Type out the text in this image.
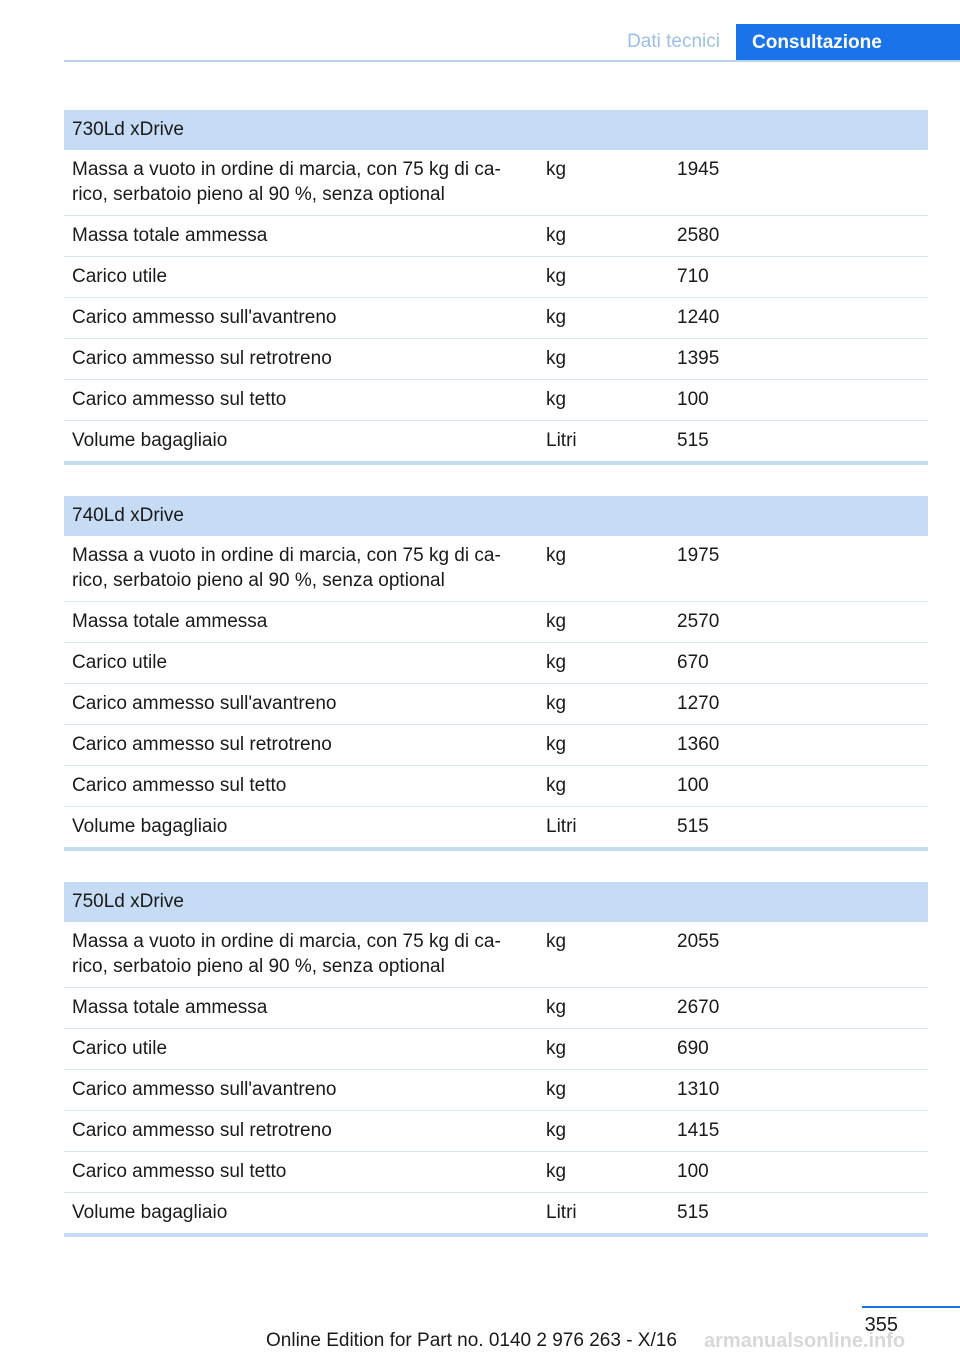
Dati tecnici	Consultazione
730Ld xDrive		
Massa a vuoto in ordine di marcia, con 75 kg di ca-
rico, serbatoio pieno al 90 %, senza optional	kg	1945
Massa totale ammessa	kg	2580
Carico utile	kg	710
Carico ammesso sull'avantreno	kg	1240
Carico ammesso sul retrotreno	kg	1395
Carico ammesso sul tetto	kg	100
Volume bagagliaio	Litri	515
740Ld xDrive		
Massa a vuoto in ordine di marcia, con 75 kg di ca-
rico, serbatoio pieno al 90 %, senza optional	kg	1975
Massa totale ammessa	kg	2570
Carico utile	kg	670
Carico ammesso sull'avantreno	kg	1270
Carico ammesso sul retrotreno	kg	1360
Carico ammesso sul tetto	kg	100
Volume bagagliaio	Litri	515
750Ld xDrive		
Massa a vuoto in ordine di marcia, con 75 kg di ca-
rico, serbatoio pieno al 90 %, senza optional	kg	2055
Massa totale ammessa	kg	2670
Carico utile	kg	690
Carico ammesso sull'avantreno	kg	1310
Carico ammesso sul retrotreno	kg	1415
Carico ammesso sul tetto	kg	100
Volume bagagliaio	Litri	515
355
Online Edition for Part no. 0140 2 976 263 - X/16 armanualsonline.info
